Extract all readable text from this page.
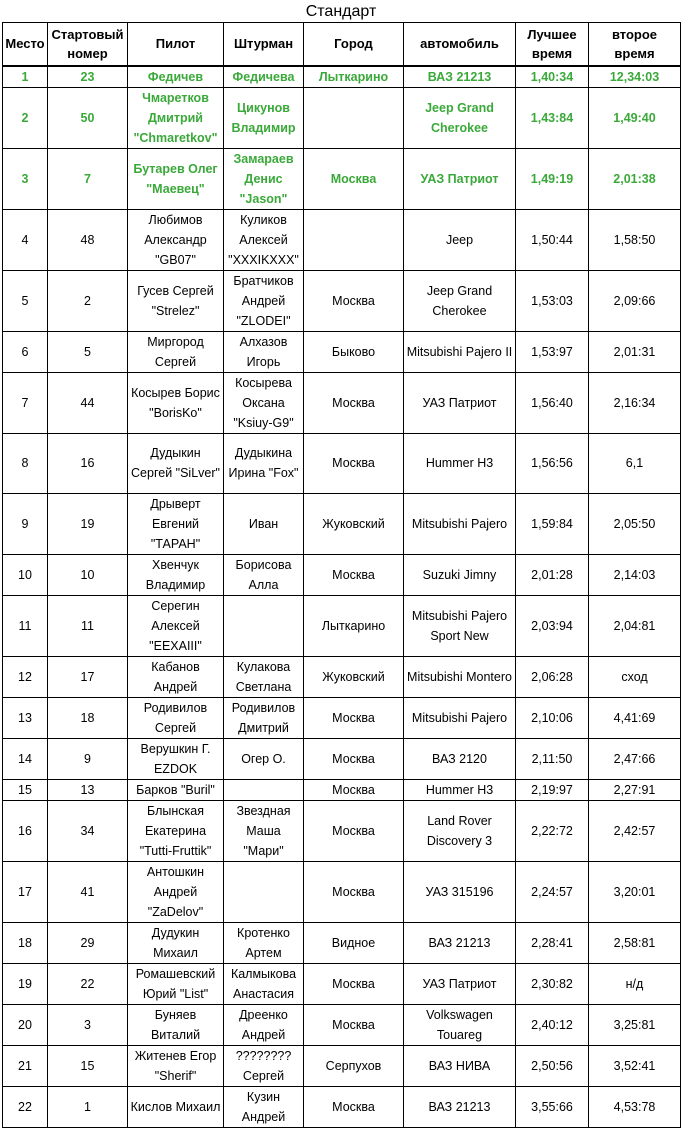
Стандарт
Место	Стартовый номер	Пилот	Штурман	Город	автомобиль	Лучшее время	второе время
1	23	Федичев	Федичева	Лыткарино	ВАЗ 21213	1,40:34	12,34:03
2	50	Чмаретков Дмитрий "Chmaretkov"	Цикунов Владимир		Jeep Grand Cherokee	1,43:84	1,49:40
3	7	Бутарев Олег "Маевец"	Замараев Денис "Jason"	Москва	УАЗ Патриот	1,49:19	2,01:38
4	48	Любимов Александр "GB07"	Куликов Алексей "XXXIKXXX"		Jeep	1,50:44	1,58:50
5	2	Гусев Сергей "Strelez"	Братчиков Андрей "ZLODEI"	Москва	Jeep Grand Cherokee	1,53:03	2,09:66
6	5	Миргород Сергей	Алхазов Игорь	Быково	Mitsubishi Pajero II	1,53:97	2,01:31
7	44	Косырев Борис "BorisKo"	Косырева Оксана "Ksiuy-G9"	Москва	УАЗ Патриот	1,56:40	2,16:34
8	16	Дудыкин Сергей "SiLver"	Дудыкина Ирина "Fox"	Москва	Hummer H3	1,56:56	6,1
9	19	Дрыверт Евгений "ТАРАН"	Иван	Жуковский	Mitsubishi Pajero	1,59:84	2,05:50
10	10	Хвенчук Владимир	Борисова Алла	Москва	Suzuki Jimny	2,01:28	2,14:03
11	11	Серегин Алексей "EEXAIII"		Лыткарино	Mitsubishi Pajero Sport New	2,03:94	2,04:81
12	17	Кабанов Андрей	Кулакова Светлана	Жуковский	Mitsubishi Montero	2,06:28	сход
13	18	Родивилов Сергей	Родивилов Дмитрий	Москва	Mitsubishi Pajero	2,10:06	4,41:69
14	9	Верушкин Г. EZDOK	Огер О.	Москва	ВАЗ 2120	2,11:50	2,47:66
15	13	Барков "Buril"		Москва	Hummer H3	2,19:97	2,27:91
16	34	Блынская Екатерина "Tutti-Fruttik"	Звездная Маша "Мари"	Москва	Land Rover Discovery 3	2,22:72	2,42:57
17	41	Антошкин Андрей "ZaDelov"		Москва	УАЗ 315196	2,24:57	3,20:01
18	29	Дудукин Михаил	Кротенко Артем	Видное	ВАЗ 21213	2,28:41	2,58:81
19	22	Ромашевский Юрий "List"	Калмыкова Анастасия	Москва	УАЗ Патриот	2,30:82	н/д
20	3	Буняев Виталий	Дреенко Андрей	Москва	Volkswagen Touareg	2,40:12	3,25:81
21	15	Житенев Егор "Sherif"	???????? Сергей	Серпухов	ВАЗ НИВА	2,50:56	3,52:41
22	1	Кислов Михаил	Кузин Андрей	Москва	ВАЗ 21213	3,55:66	4,53:78
